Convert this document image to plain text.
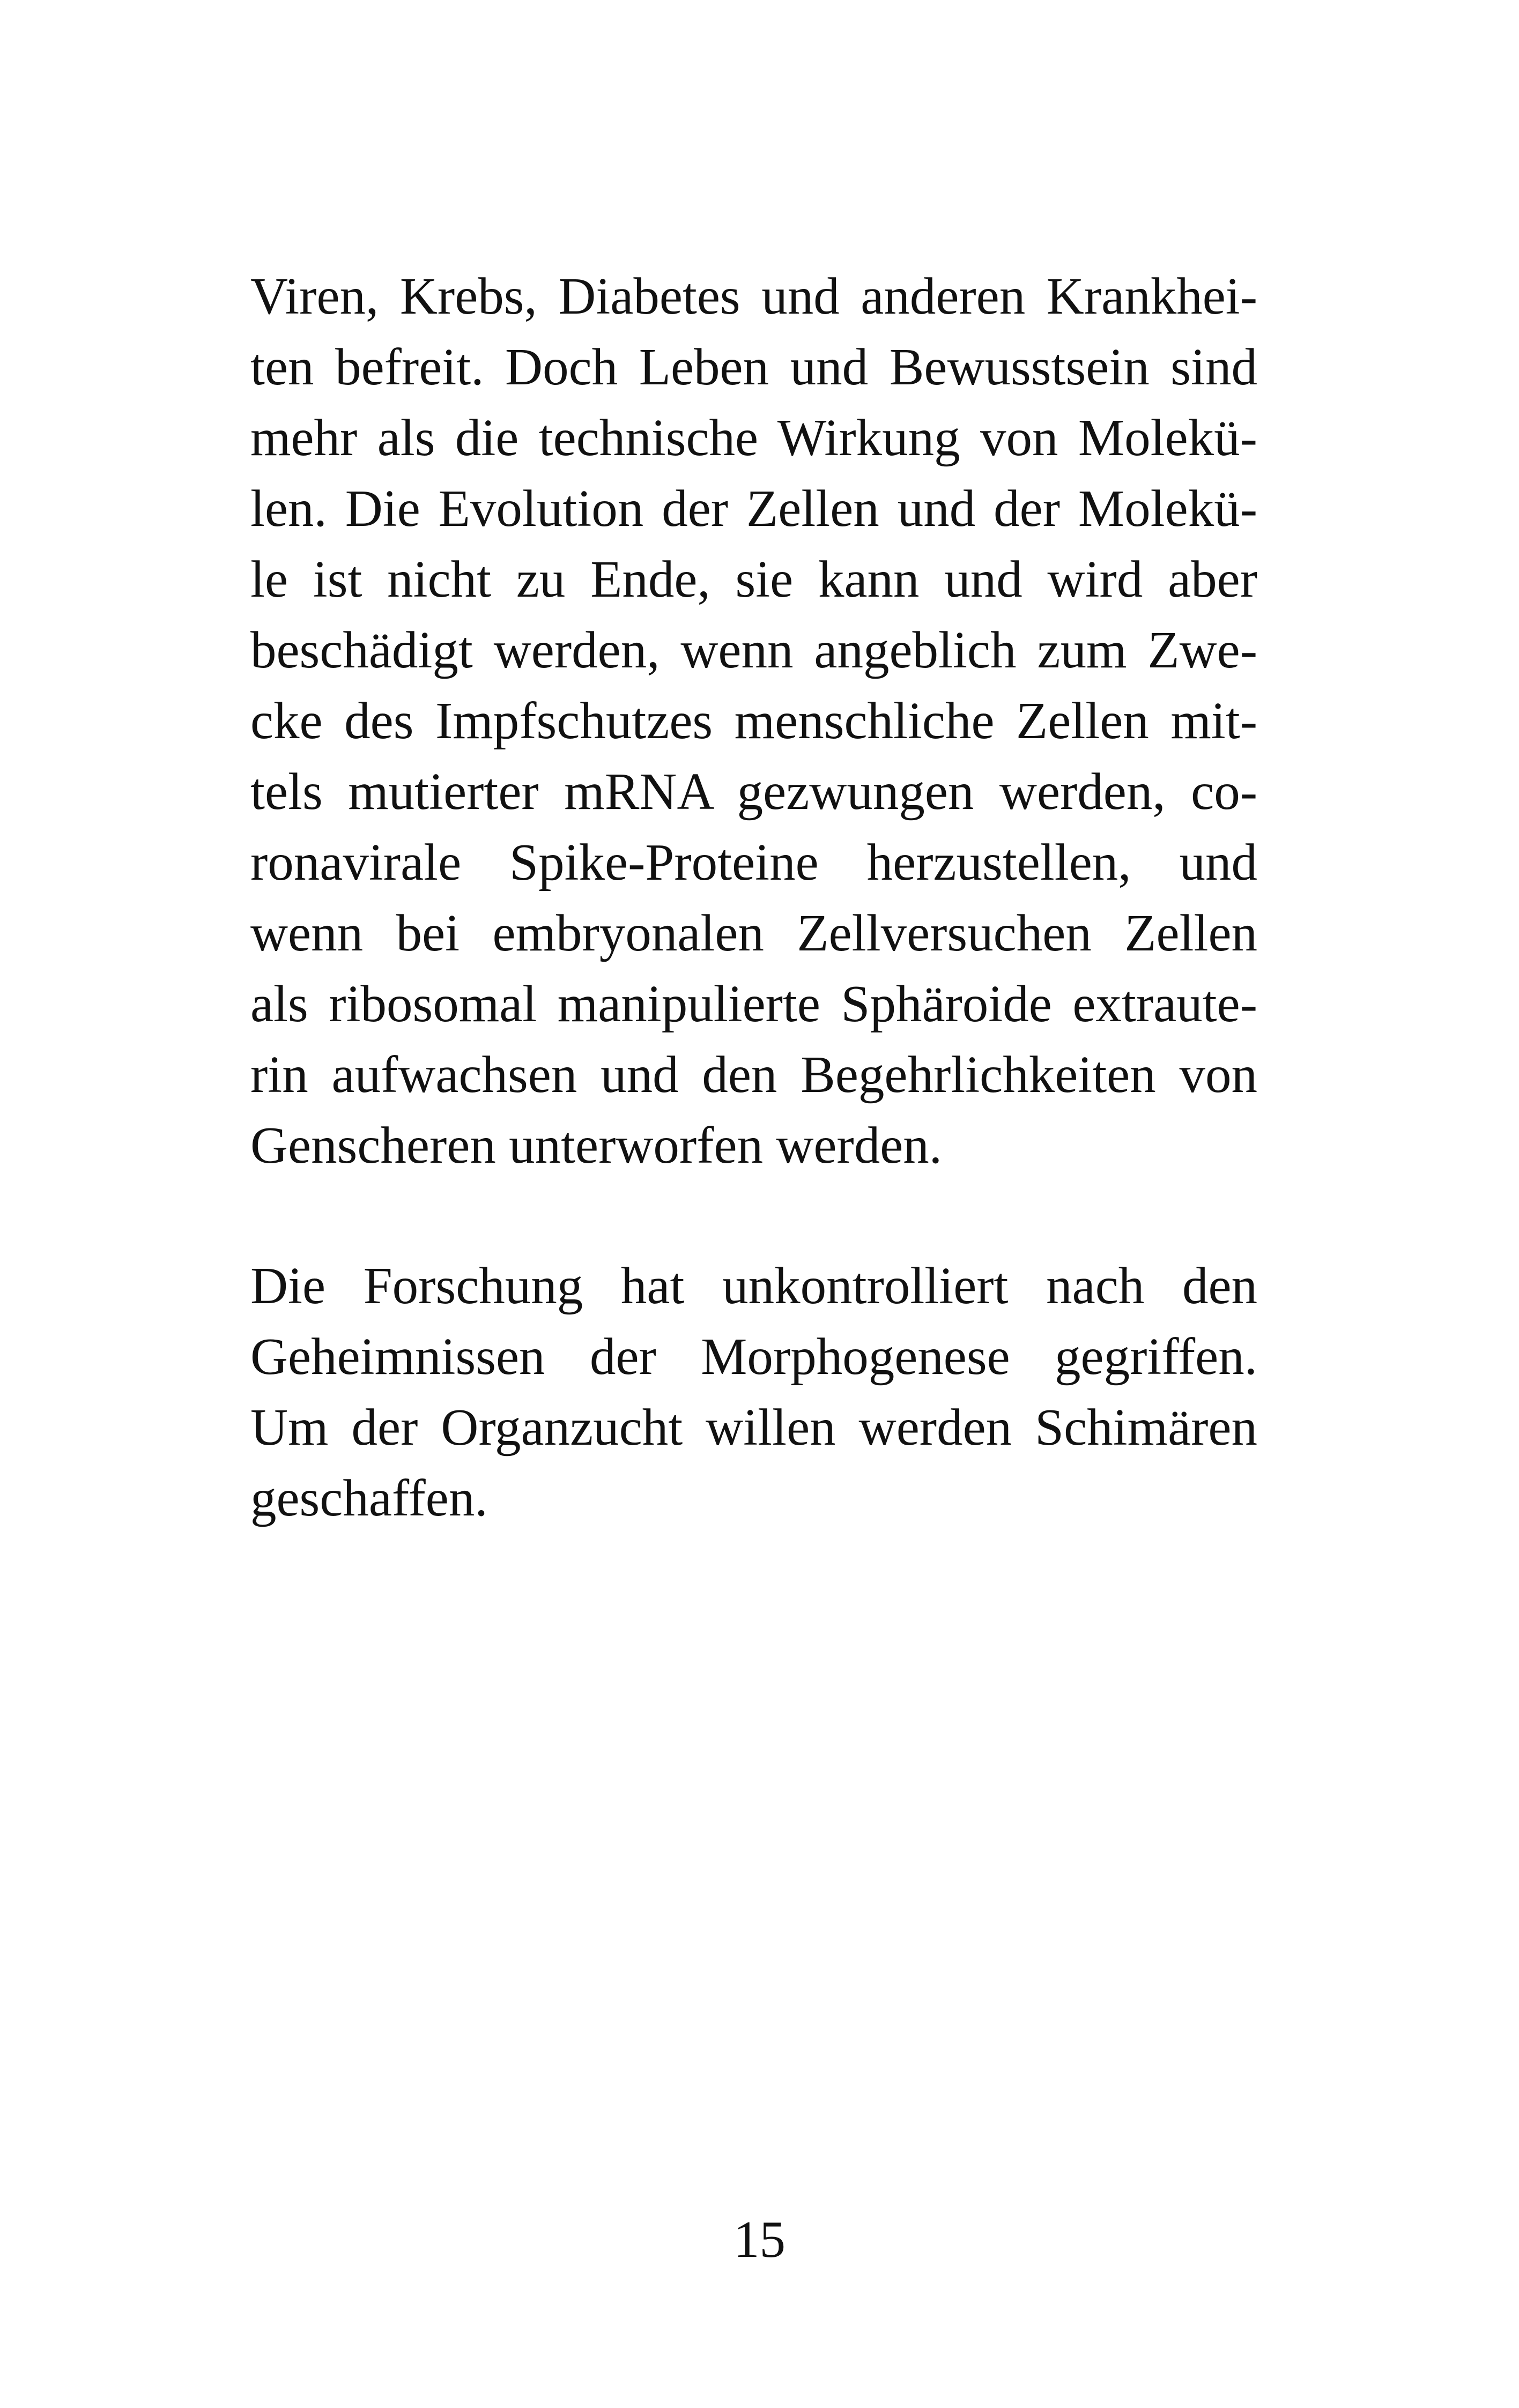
Viren, Krebs, Diabetes und anderen Krankhei-
ten befreit. Doch Leben und Bewusstsein sind
mehr als die technische Wirkung von Molekü-
len. Die Evolution der Zellen und der Molekü-
le ist nicht zu Ende, sie kann und wird aber
beschädigt werden, wenn angeblich zum Zwe-
cke des Impfschutzes menschliche Zellen mit-
tels mutierter mRNA gezwungen werden, co-
ronavirale Spike-Proteine herzustellen, und
wenn bei embryonalen Zellversuchen Zellen
als ribosomal manipulierte Sphäroide extraute-
rin aufwachsen und den Begehrlichkeiten von
Genscheren unterworfen werden.
Die Forschung hat unkontrolliert nach den
Geheimnissen der Morphogenese gegriffen.
Um der Organzucht willen werden Schimären
geschaffen.
15
